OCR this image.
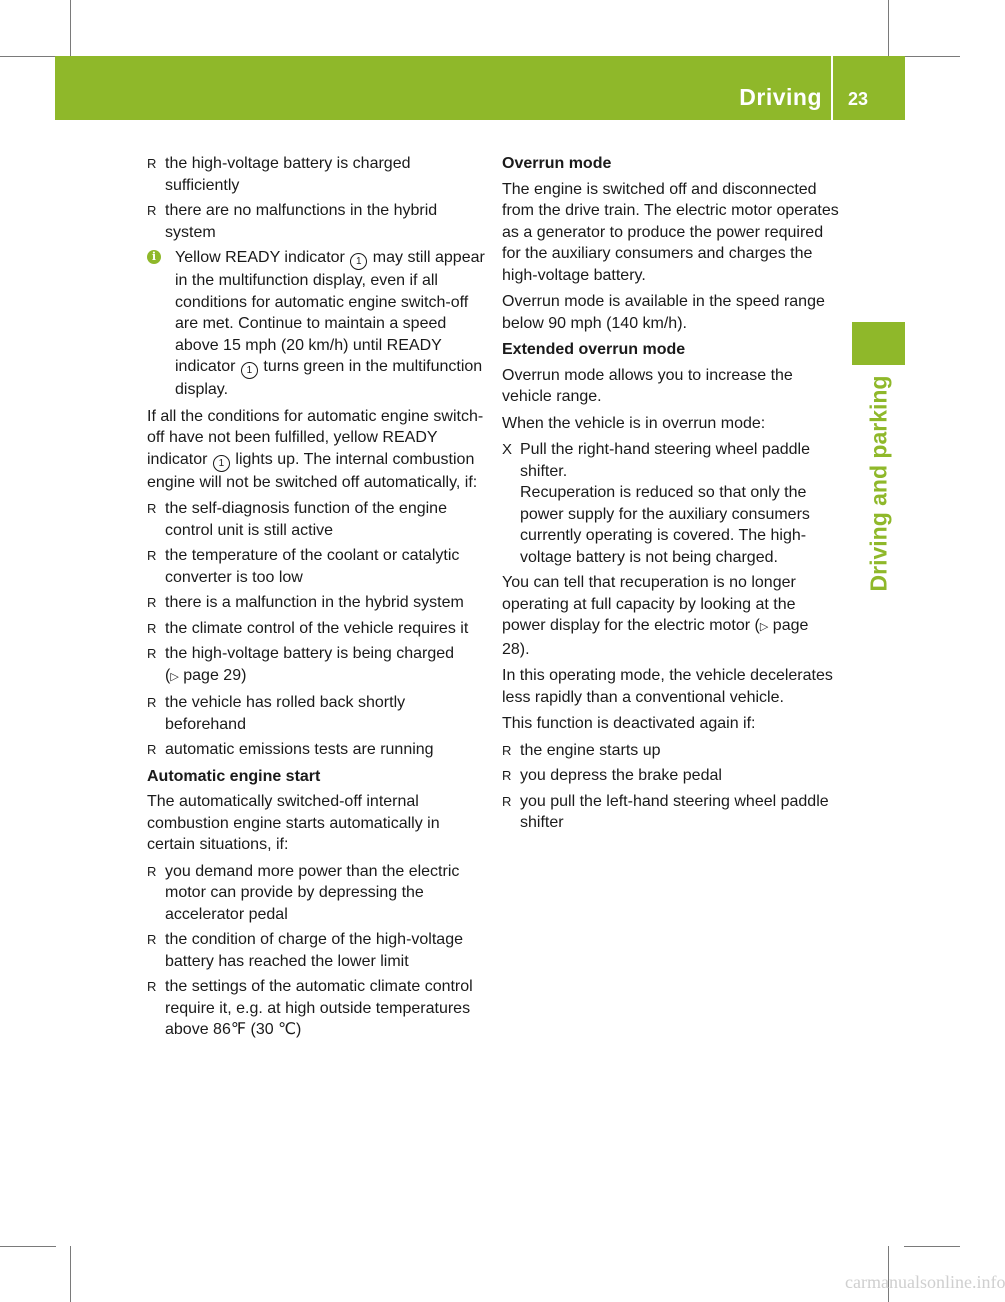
Driving 23
Driving and parking
R the high-voltage battery is charged sufficiently
R there are no malfunctions in the hybrid system
i	Yellow READY indicator 1 may still appear in the multifunction display, even if all conditions for automatic engine switch-off are met. Continue to maintain a speed above 15 mph (20 km/h) until READY indicator 1 turns green in the multifunction display.
If all the conditions for automatic engine switch-off have not been fulfilled, yellow READY indicator 1 lights up. The internal combustion engine will not be switched off automatically, if:
R the self-diagnosis function of the engine control unit is still active
R the temperature of the coolant or catalytic converter is too low
R there is a malfunction in the hybrid system
R the climate control of the vehicle requires it
R the high-voltage battery is being charged (▷ page 29)
R the vehicle has rolled back shortly beforehand
R automatic emissions tests are running
Automatic engine start
The automatically switched-off internal combustion engine starts automatically in certain situations, if:
R you demand more power than the electric motor can provide by depressing the accelerator pedal
R the condition of charge of the high-voltage battery has reached the lower limit
R the settings of the automatic climate control require it, e.g. at high outside temperatures above 86℉ (30 ℃)
Overrun mode
The engine is switched off and disconnected from the drive train. The electric motor operates as a generator to produce the power required for the auxiliary consumers and charges the high-voltage battery.
Overrun mode is available in the speed range below 90 mph (140 km/h).
Extended overrun mode
Overrun mode allows you to increase the vehicle range.
When the vehicle is in overrun mode:
X Pull the right-hand steering wheel paddle shifter.
Recuperation is reduced so that only the power supply for the auxiliary consumers currently operating is covered. The high-voltage battery is not being charged.
You can tell that recuperation is no longer operating at full capacity by looking at the power display for the electric motor (▷ page 28).
In this operating mode, the vehicle decelerates less rapidly than a conventional vehicle.
This function is deactivated again if:
R the engine starts up
R you depress the brake pedal
R you pull the left-hand steering wheel paddle shifter
carmanualsonline.info
